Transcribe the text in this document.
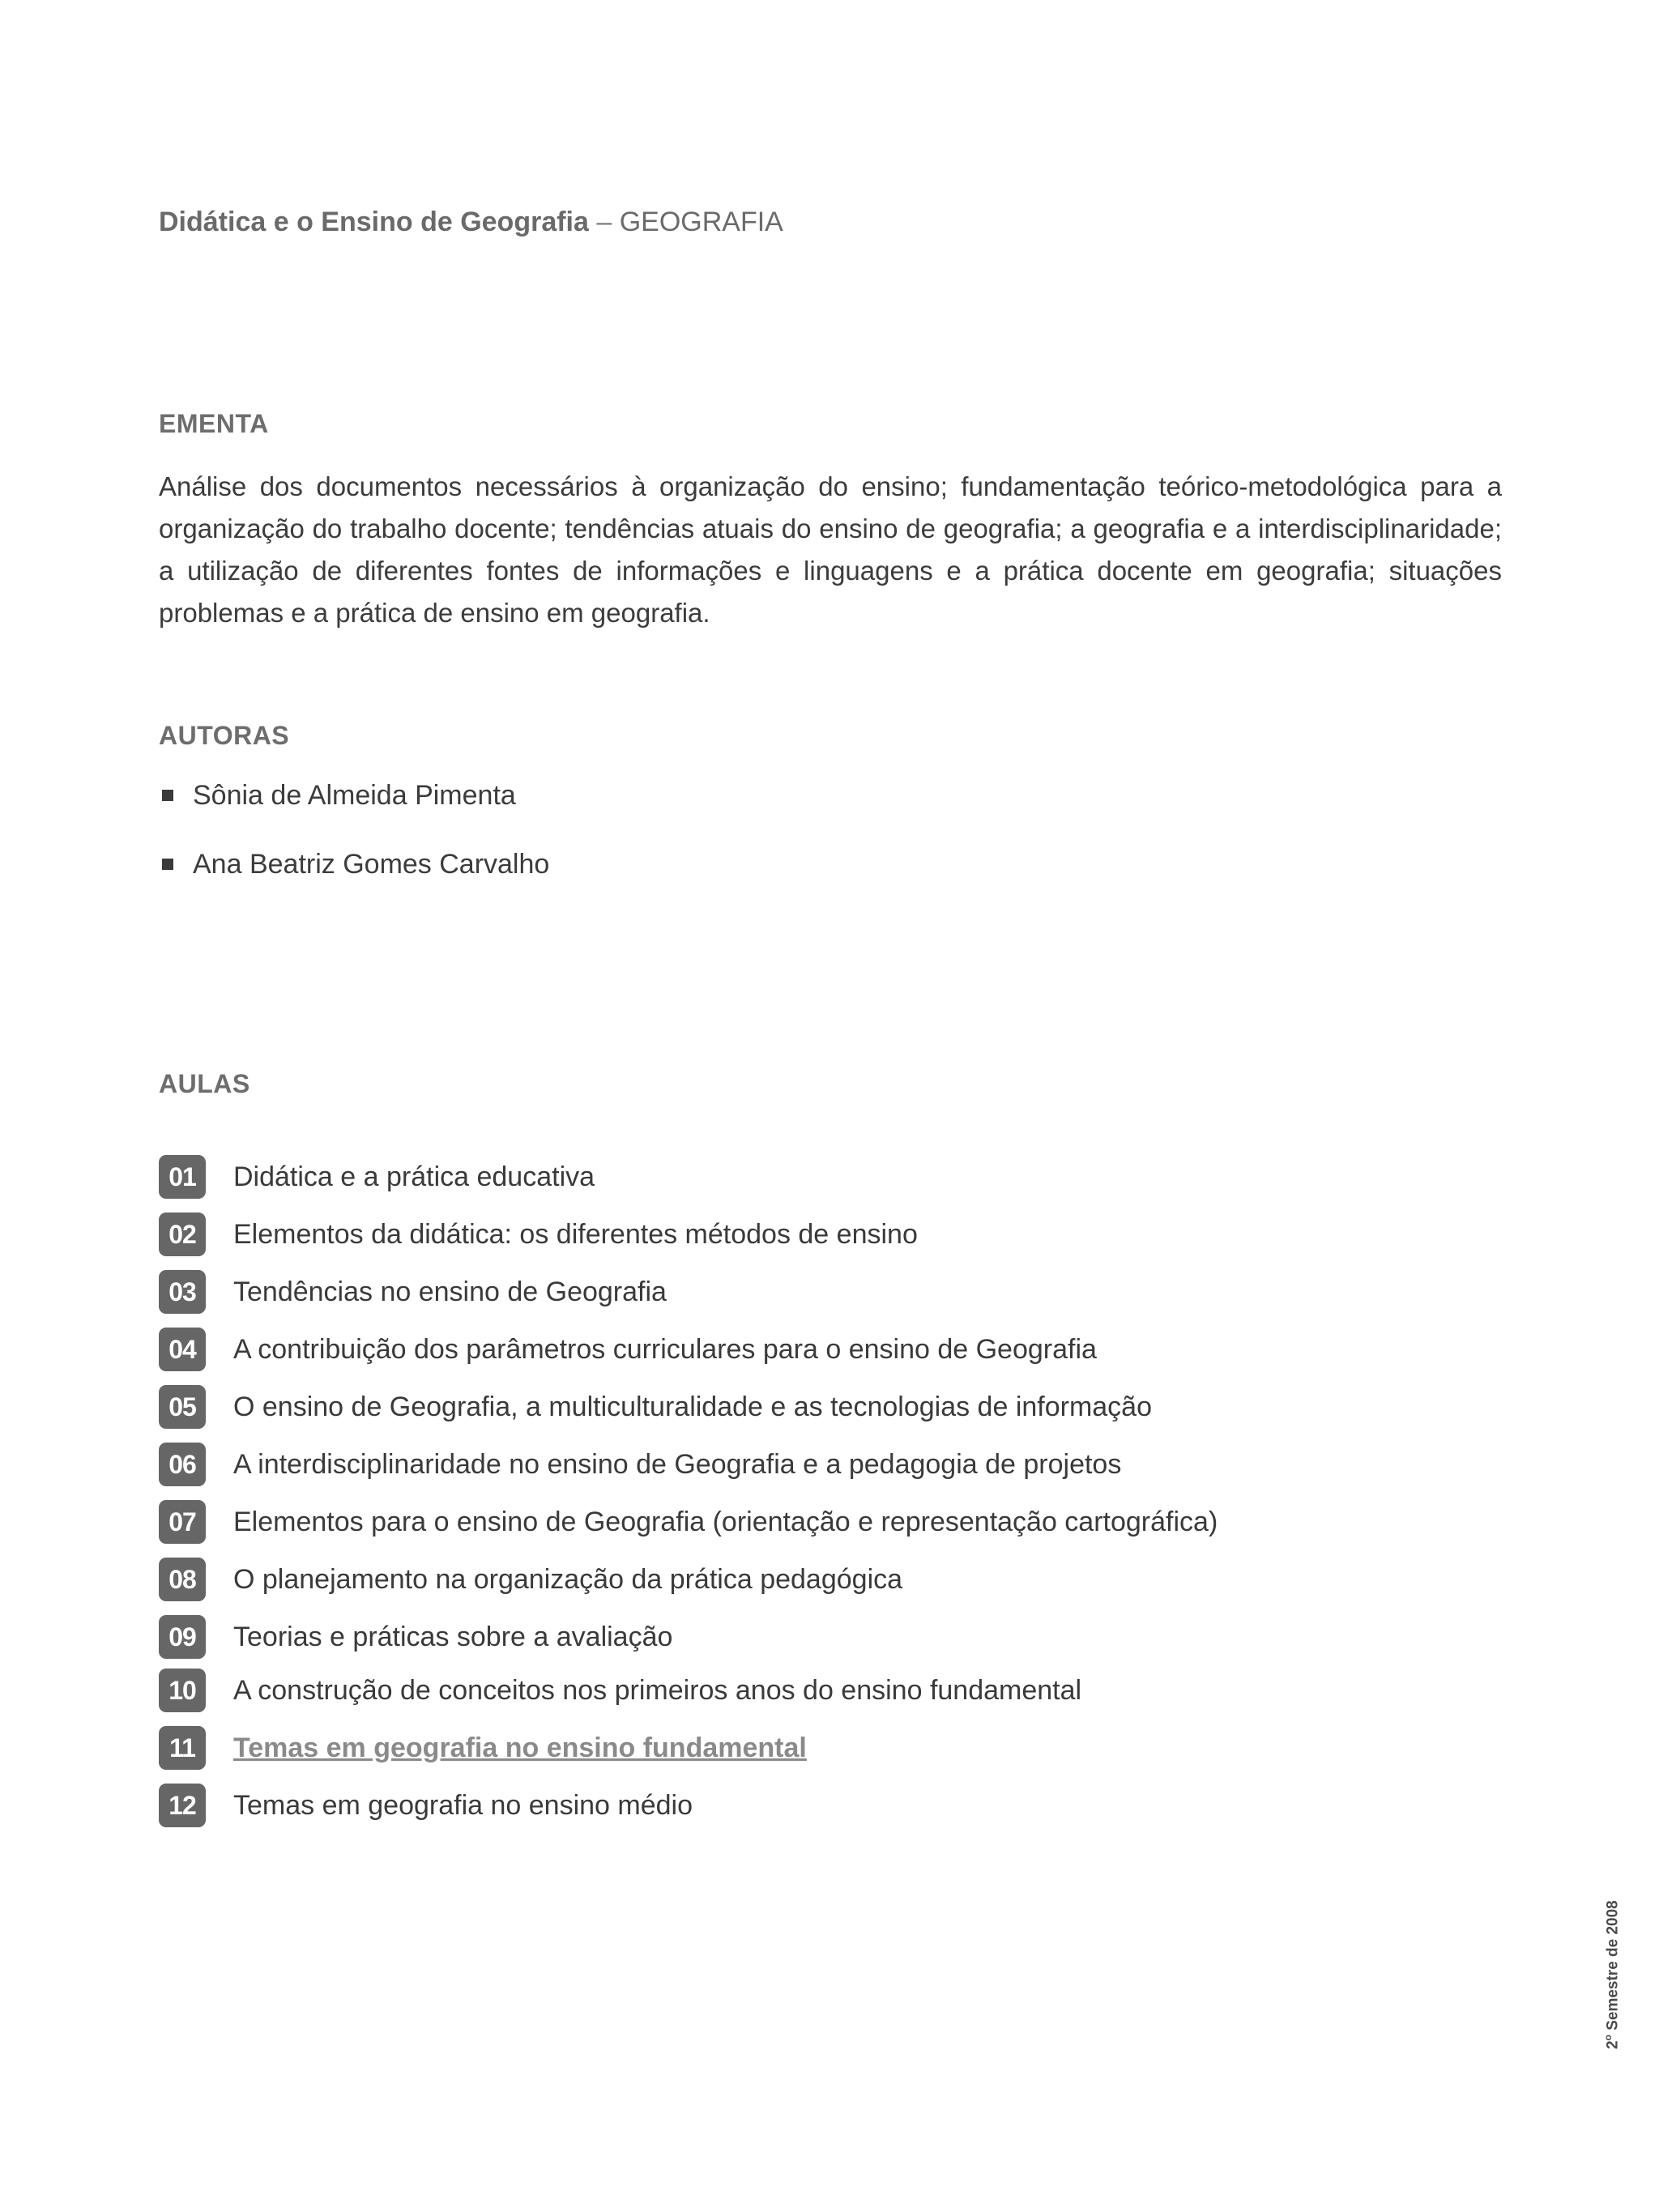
Didática e o Ensino de Geografia – GEOGRAFIA
EMENTA
Análise dos documentos necessários à organização do ensino; fundamentação teórico-metodológica para a organização do trabalho docente; tendências atuais do ensino de geografia; a geografia e a interdisciplinaridade; a utilização de diferentes fontes de informações e linguagens e a prática docente em geografia; situações problemas e a prática de ensino em geografia.
AUTORAS
Sônia de Almeida Pimenta
Ana Beatriz Gomes Carvalho
AULAS
01	Didática e a prática educativa
02	Elementos da didática: os diferentes métodos de ensino
03	Tendências no ensino de Geografia
04	A contribuição dos parâmetros curriculares para o ensino de Geografia
05	O ensino de Geografia, a multiculturalidade e as tecnologias de informação
06	A interdisciplinaridade no ensino de Geografia e a pedagogia de projetos
07	Elementos para o ensino de Geografia (orientação e representação cartográfica)
08	O planejamento na organização da prática pedagógica
09	Teorias e práticas sobre a avaliação
10	A construção de conceitos nos primeiros anos do ensino fundamental
11	Temas em geografia no ensino fundamental
12	Temas em geografia no ensino médio
2$^o$ Semestre de 2008
